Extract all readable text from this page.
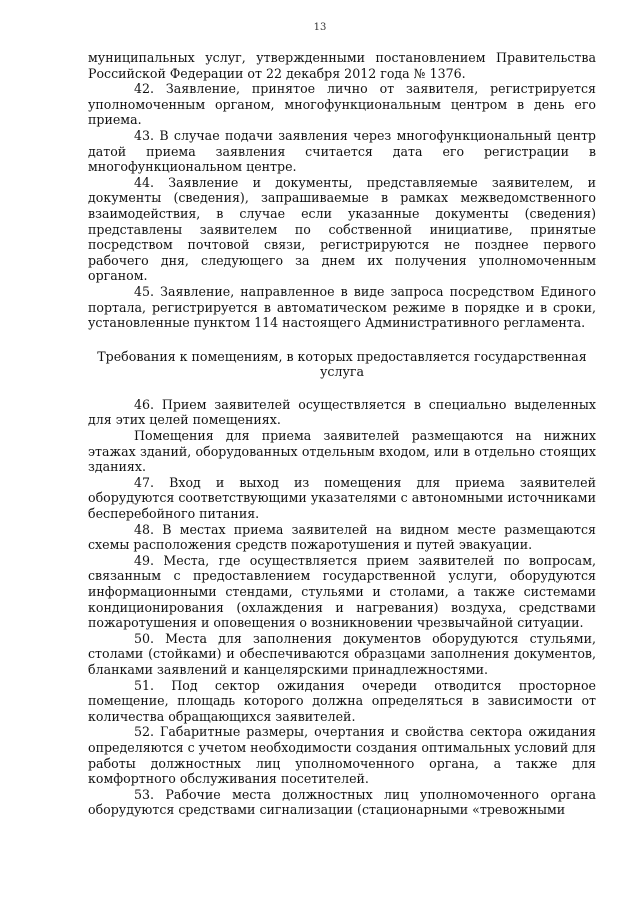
13

муниципальных услуг, утвержденными постановлением Правительства Российской Федерации от 22 декабря 2012 года № 1376.

42. Заявление, принятое лично от заявителя, регистрируется уполномоченным органом, многофункциональным центром в день его приема.

43. В случае подачи заявления через многофункциональный центр датой приема заявления считается дата его регистрации в многофункциональном центре.

44. Заявление и документы, представляемые заявителем, и документы (сведения), запрашиваемые в рамках межведомственного взаимодействия, в случае если указанные документы (сведения) представлены заявителем по собственной инициативе, принятые посредством почтовой связи, регистрируются не позднее первого рабочего дня, следующего за днем их получения уполномоченным органом.

45. Заявление, направленное в виде запроса посредством Единого портала, регистрируется в автоматическом режиме в порядке и в сроки, установленные пунктом 114 настоящего Административного регламента.

Требования к помещениям, в которых предоставляется государственная услуга

46. Прием заявителей осуществляется в специально выделенных для этих целей помещениях.

Помещения для приема заявителей размещаются на нижних этажах зданий, оборудованных отдельным входом, или в отдельно стоящих зданиях.

47. Вход и выход из помещения для приема заявителей оборудуются соответствующими указателями с автономными источниками бесперебойного питания.

48. В местах приема заявителей на видном месте размещаются схемы расположения средств пожаротушения и путей эвакуации.

49. Места, где осуществляется прием заявителей по вопросам, связанным с предоставлением государственной услуги, оборудуются информационными стендами, стульями и столами, а также системами кондиционирования (охлаждения и нагревания) воздуха, средствами пожаротушения и оповещения о возникновении чрезвычайной ситуации.

50. Места для заполнения документов оборудуются стульями, столами (стойками) и обеспечиваются образцами заполнения документов, бланками заявлений и канцелярскими принадлежностями.

51. Под сектор ожидания очереди отводится просторное помещение, площадь которого должна определяться в зависимости от количества обращающихся заявителей.

52. Габаритные размеры, очертания и свойства сектора ожидания определяются с учетом необходимости создания оптимальных условий для работы должностных лиц уполномоченного органа, а также для комфортного обслуживания посетителей.

53. Рабочие места должностных лиц уполномоченного органа оборудуются средствами сигнализации (стационарными «тревожными
